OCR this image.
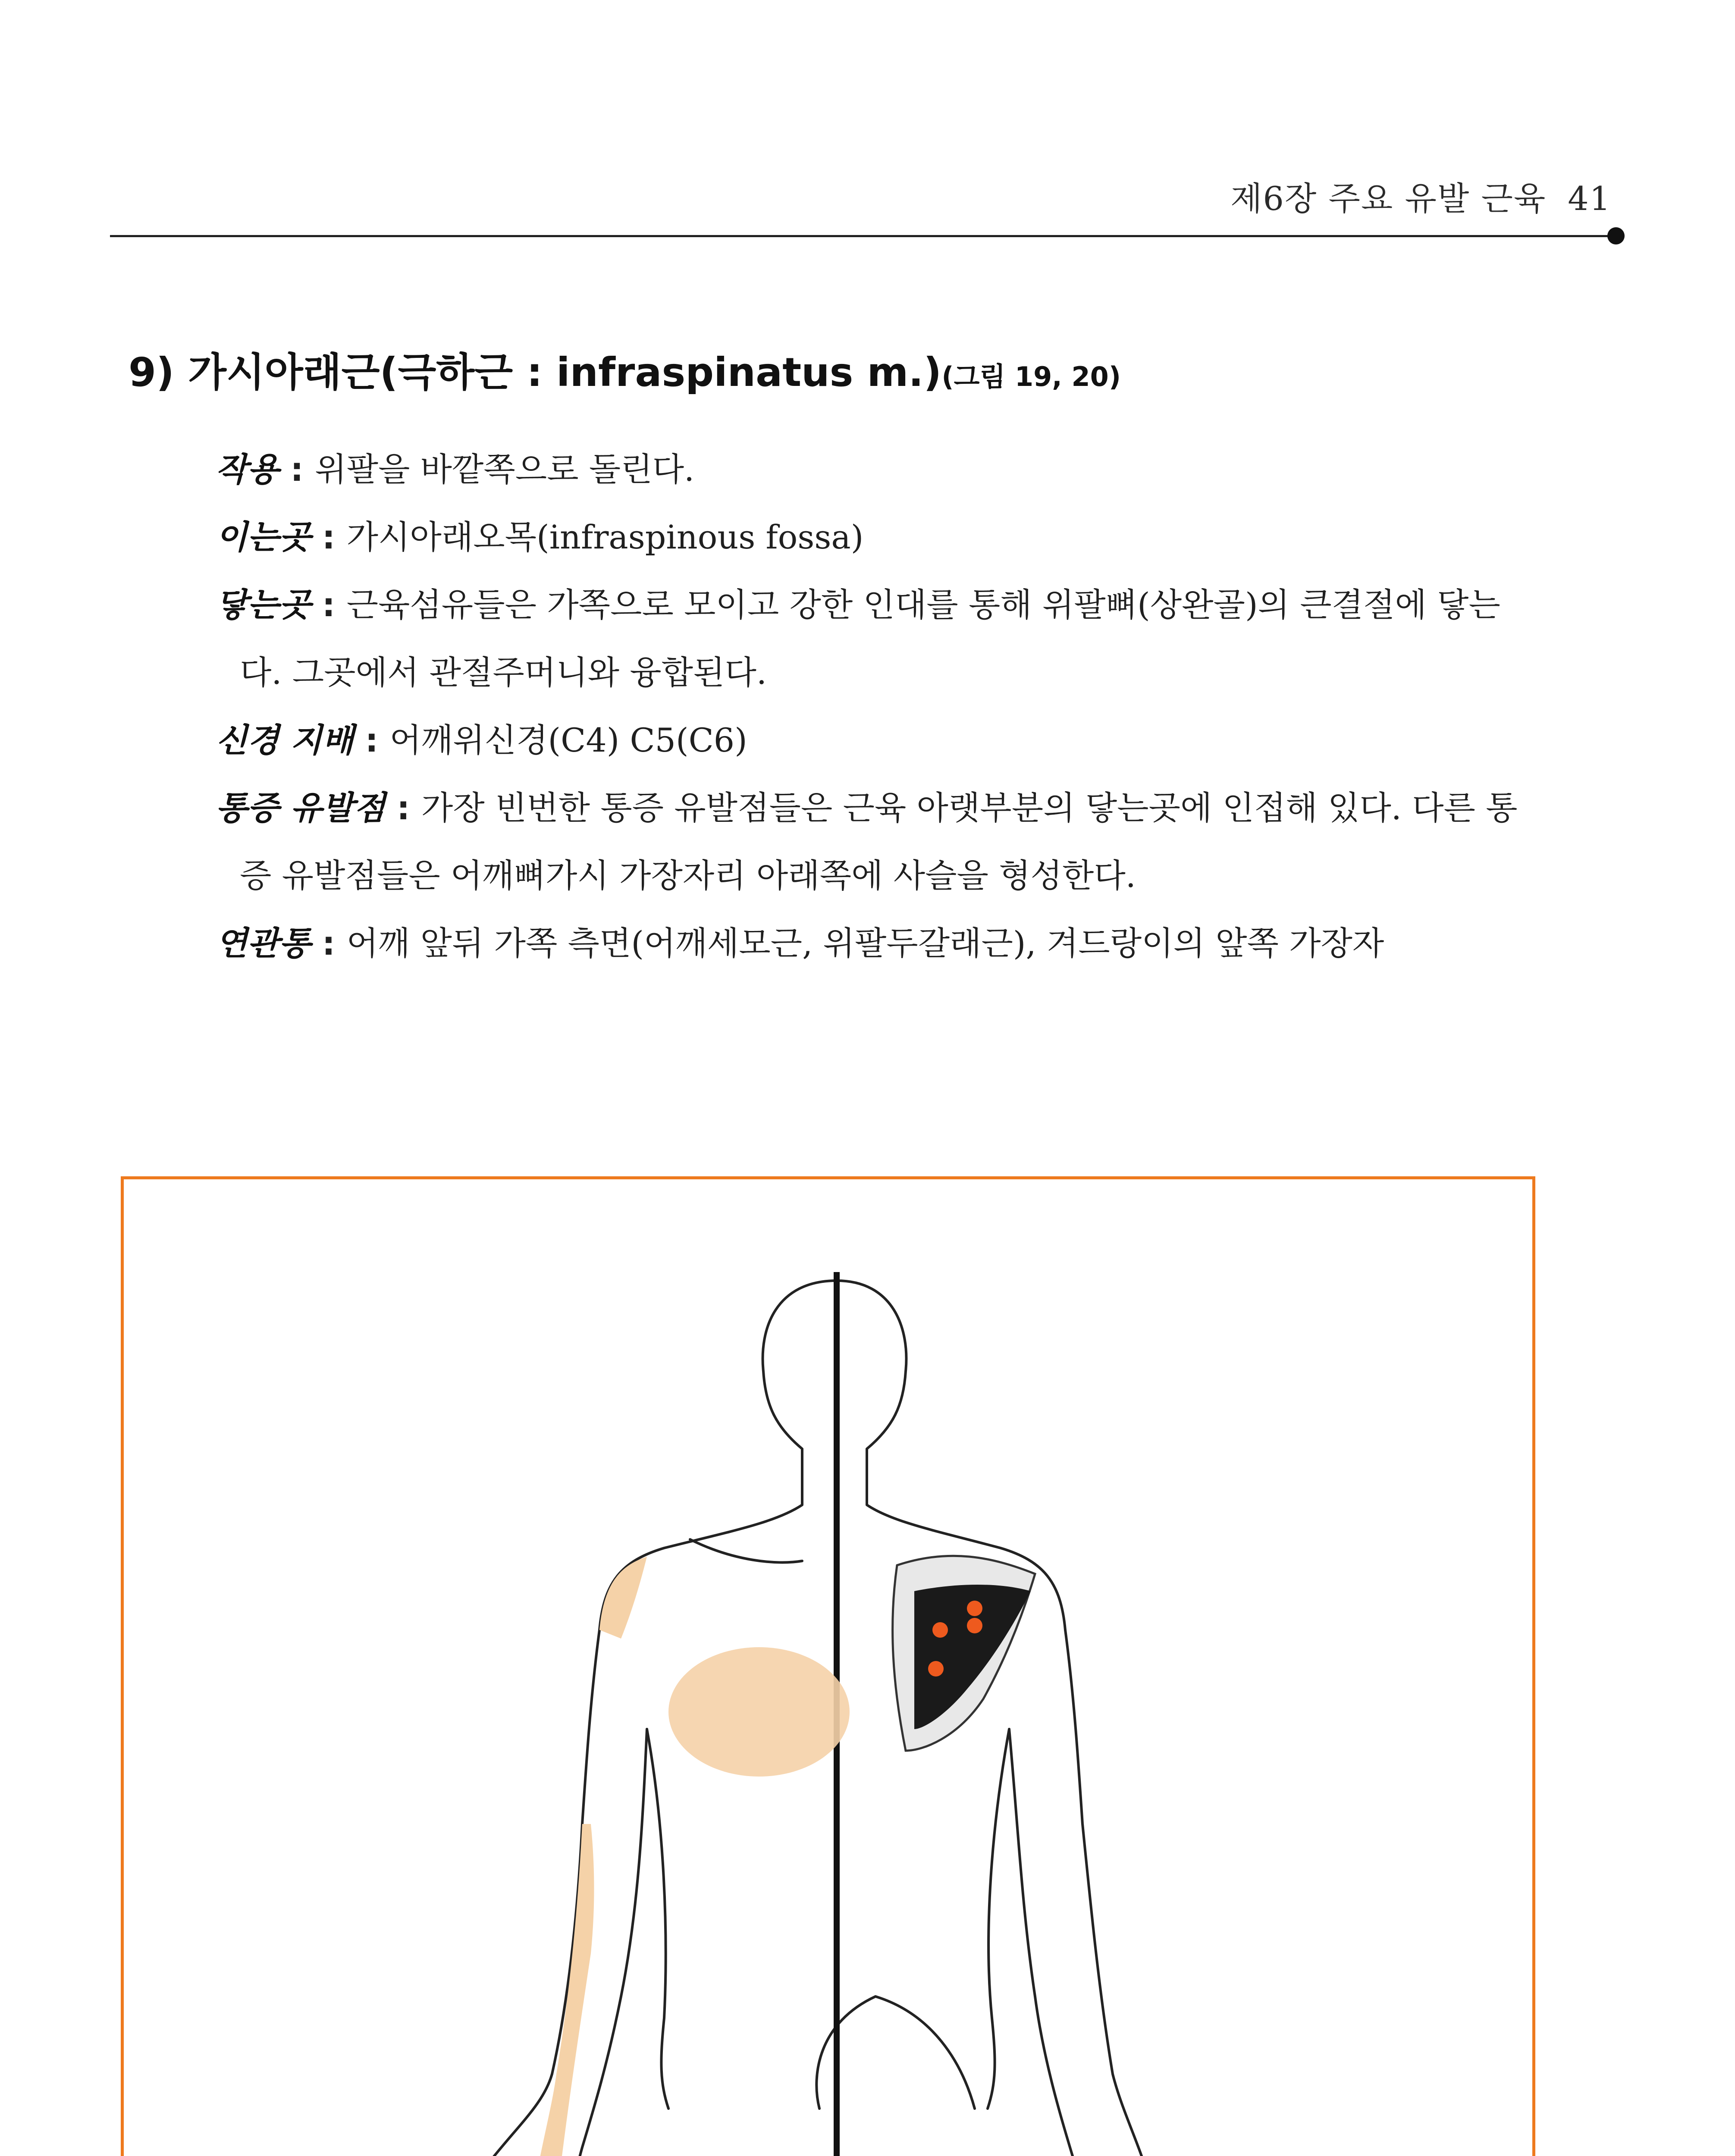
제6장 주요 유발 근육 41
9) 가시아래근(극하근 : infraspinatus m.)(그림 19, 20)

작용 : 위팔을 바깥쪽으로 돌린다.

이는곳 : 가시아래오목(infraspinous fossa)

닿는곳 : 근육섬유들은 가쪽으로 모이고 강한 인대를 통해 위팔뼈(상완골)의 큰결절에 닿는다. 그곳에서 관절주머니와 융합된다.

신경 지배 : 어깨위신경(C4) C5(C6)

통증 유발점 : 가장 빈번한 통증 유발점들은 근육 아랫부분의 닿는곳에 인접해 있다. 다른 통증 유발점들은 어깨뼈가시 가장자리 아래쪽에 사슬을 형성한다.

연관통 : 어깨 앞뒤 가쪽 측면(어깨세모근, 위팔두갈래근), 겨드랑이의 앞쪽 가장자
